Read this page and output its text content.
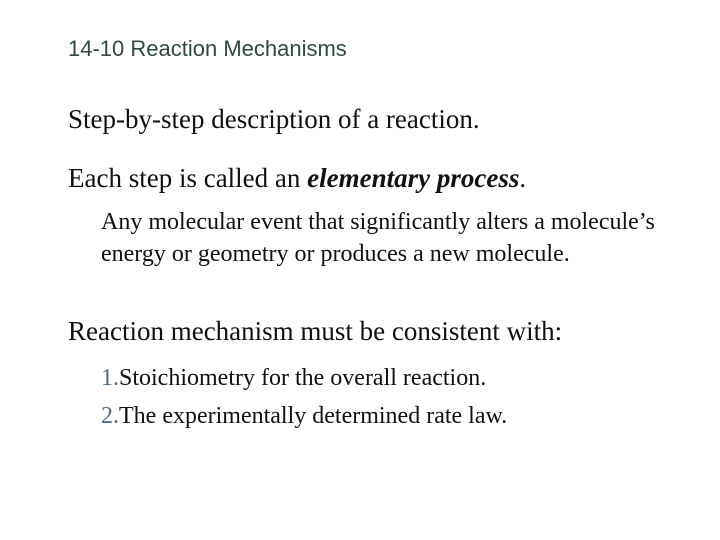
14-10 Reaction Mechanisms
Step-by-step description of a reaction.
Each step is called an elementary process.
Any molecular event that significantly alters a molecule’s energy or geometry or produces a new molecule.
Reaction mechanism must be consistent with:
1.Stoichiometry for the overall reaction.
2.The experimentally determined rate law.
